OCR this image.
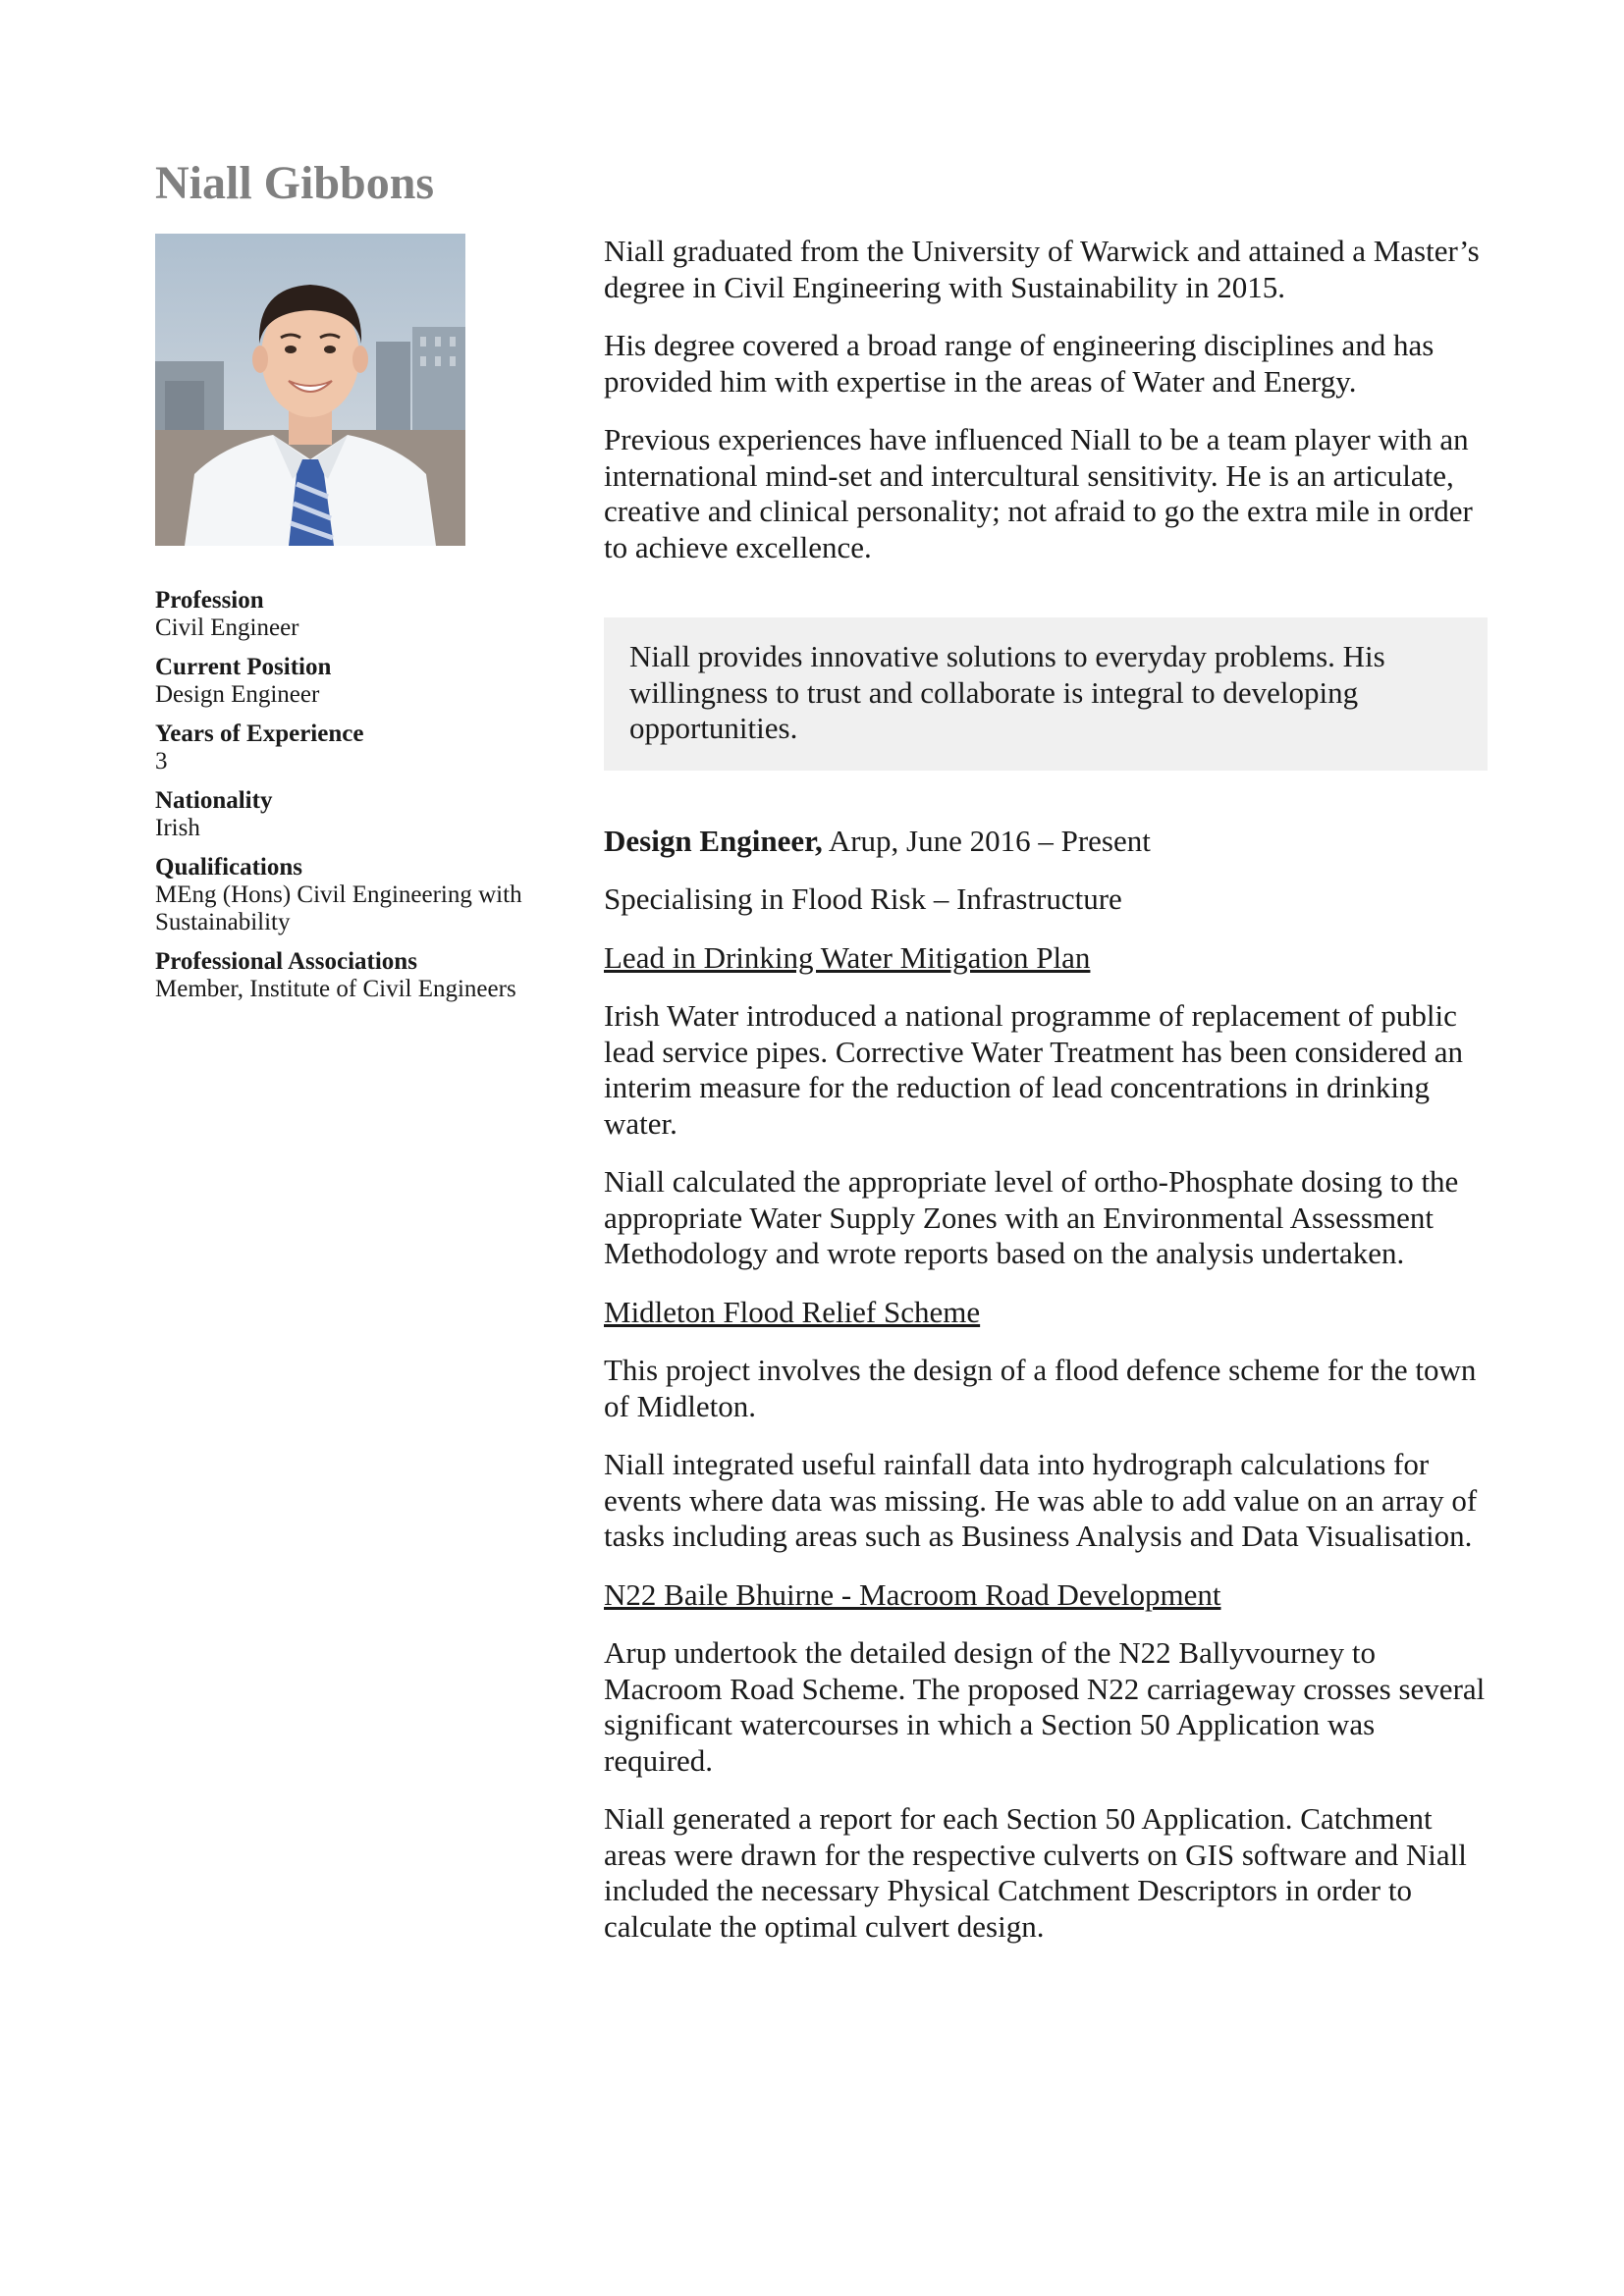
Niall Gibbons
Profession
Civil Engineer
Current Position
Design Engineer
Years of Experience
3
Nationality
Irish
Qualifications
MEng (Hons) Civil Engineering with Sustainability
Professional Associations
Member, Institute of Civil Engineers

Niall graduated from the University of Warwick and attained a Master’s degree in Civil Engineering with Sustainability in 2015.

His degree covered a broad range of engineering disciplines and has provided him with expertise in the areas of Water and Energy.

Previous experiences have influenced Niall to be a team player with an international mind-set and intercultural sensitivity. He is an articulate, creative and clinical personality; not afraid to go the extra mile in order to achieve excellence.

Niall provides innovative solutions to everyday problems. His willingness to trust and collaborate is integral to developing opportunities.

Design Engineer, Arup, June 2016 – Present

Specialising in Flood Risk – Infrastructure

Lead in Drinking Water Mitigation Plan

Irish Water introduced a national programme of replacement of public lead service pipes. Corrective Water Treatment has been considered an interim measure for the reduction of lead concentrations in drinking water.

Niall calculated the appropriate level of ortho-Phosphate dosing to the appropriate Water Supply Zones with an Environmental Assessment Methodology and wrote reports based on the analysis undertaken.

Midleton Flood Relief Scheme

This project involves the design of a flood defence scheme for the town of Midleton.

Niall integrated useful rainfall data into hydrograph calculations for events where data was missing. He was able to add value on an array of tasks including areas such as Business Analysis and Data Visualisation.

N22 Baile Bhuirne - Macroom Road Development

Arup undertook the detailed design of the N22 Ballyvourney to Macroom Road Scheme. The proposed N22 carriageway crosses several significant watercourses in which a Section 50 Application was required.

Niall generated a report for each Section 50 Application. Catchment areas were drawn for the respective culverts on GIS software and Niall included the necessary Physical Catchment Descriptors in order to calculate the optimal culvert design.
